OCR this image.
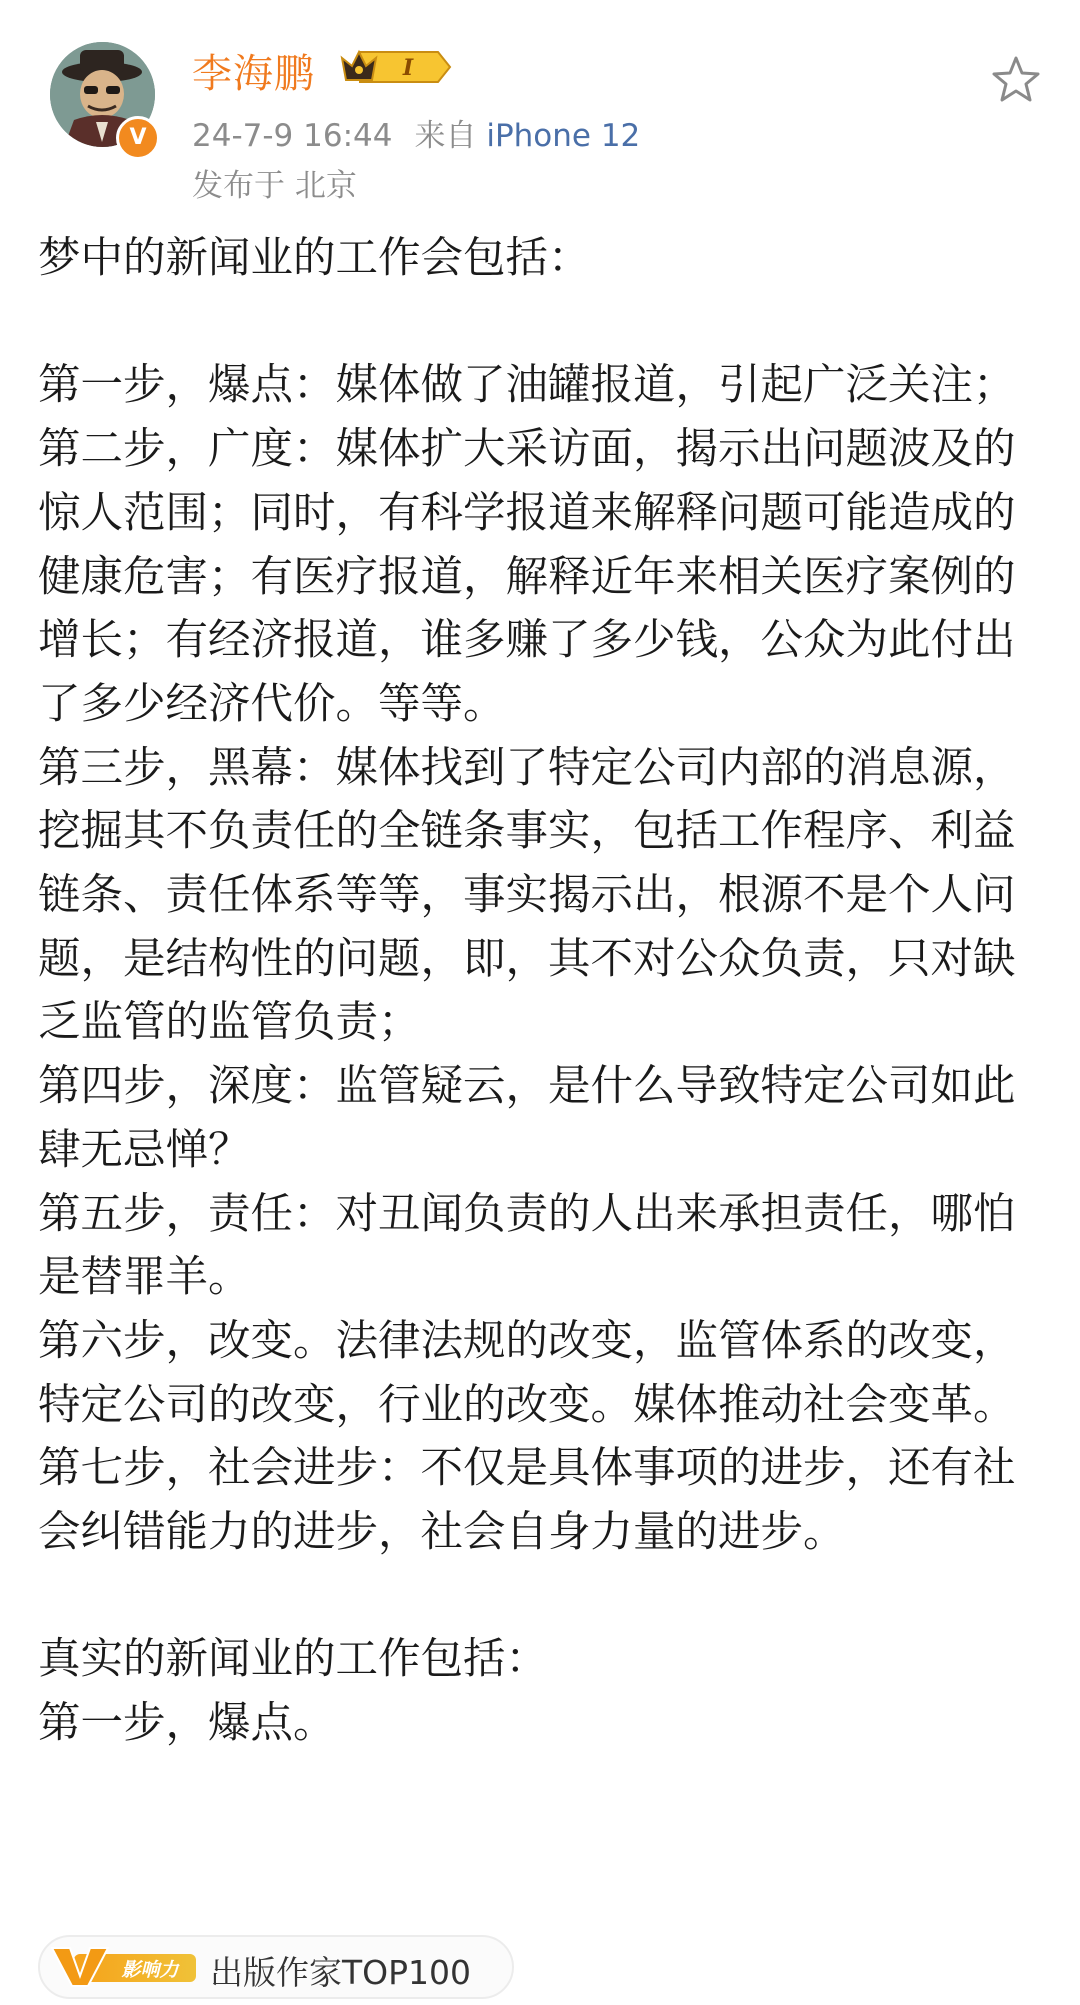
V
李海鹏	I
24-7-9 16:44 来自 iPhone 12
发布于 北京

梦中的新闻业的工作会包括：

第一步，爆点：媒体做了油罐报道，引起广泛关注；

第二步，广度：媒体扩大采访面，揭示出问题波及的惊人范围；同时，有科学报道来解释问题可能造成的健康危害；有医疗报道，解释近年来相关医疗案例的增长；有经济报道，谁多赚了多少钱，公众为此付出了多少经济代价。等等。

第三步，黑幕：媒体找到了特定公司内部的消息源，挖掘其不负责任的全链条事实，包括工作程序、利益链条、责任体系等等，事实揭示出，根源不是个人问题，是结构性的问题，即，其不对公众负责，只对缺乏监管的监管负责；

第四步，深度：监管疑云，是什么导致特定公司如此肆无忌惮？

第五步，责任：对丑闻负责的人出来承担责任，哪怕是替罪羊。

第六步，改变。法律法规的改变，监管体系的改变，特定公司的改变，行业的改变。媒体推动社会变革。

第七步，社会进步：不仅是具体事项的进步，还有社会纠错能力的进步，社会自身力量的进步。

真实的新闻业的工作包括：

第一步，爆点。

影响力 出版作家TOP100
